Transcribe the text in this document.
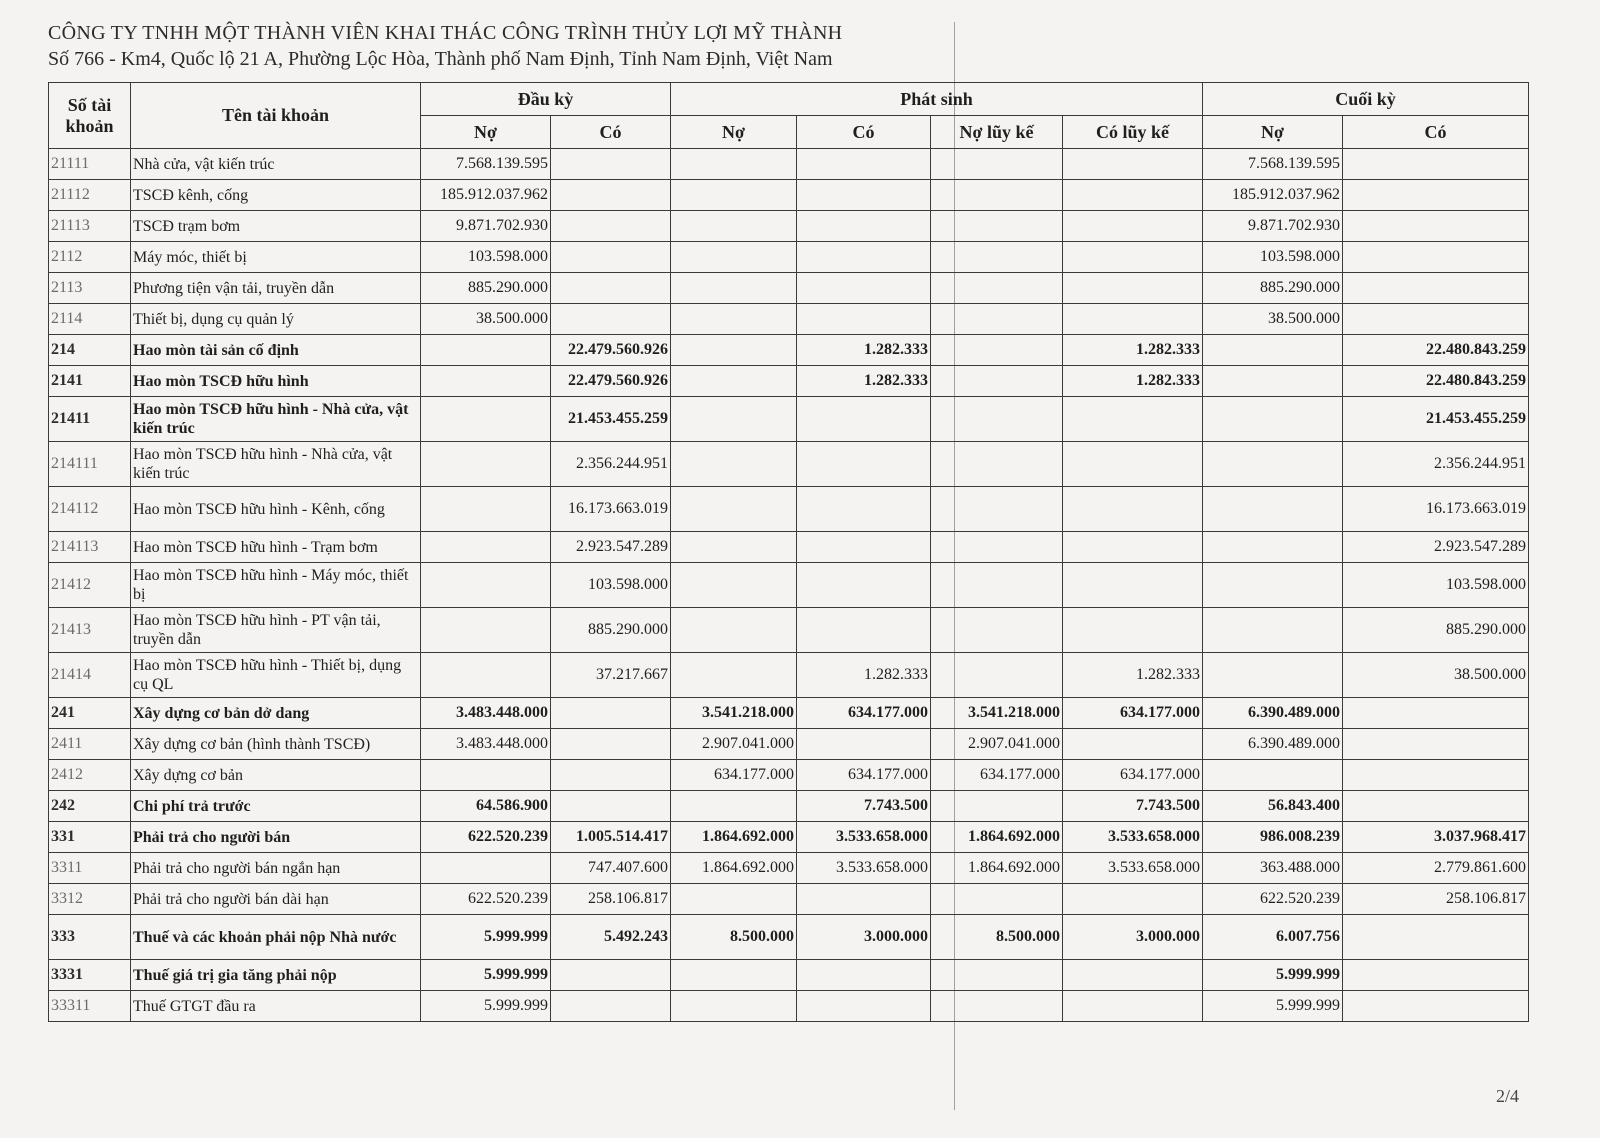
CÔNG TY TNHH MỘT THÀNH VIÊN KHAI THÁC CÔNG TRÌNH THỦY LỢI MỸ THÀNH
Số 766 - Km4, Quốc lộ 21 A, Phường Lộc Hòa, Thành phố Nam Định, Tỉnh Nam Định, Việt Nam
Số tài khoản	Tên tài khoản	Đầu kỳ		Phát sinh				Cuối kỳ	
		Nợ	Có	Nợ	Có	Nợ lũy kế	Có lũy kế	Nợ	Có
21111	Nhà cửa, vật kiến trúc	7.568.139.595						7.568.139.595	
21112	TSCĐ kênh, cống	185.912.037.962						185.912.037.962	
21113	TSCĐ trạm bơm	9.871.702.930						9.871.702.930	
2112	Máy móc, thiết bị	103.598.000						103.598.000	
2113	Phương tiện vận tải, truyền dẫn	885.290.000						885.290.000	
2114	Thiết bị, dụng cụ quản lý	38.500.000						38.500.000	
214	Hao mòn tài sản cố định		22.479.560.926		1.282.333		1.282.333		22.480.843.259
2141	Hao mòn TSCĐ hữu hình		22.479.560.926		1.282.333		1.282.333		22.480.843.259
21411	Hao mòn TSCĐ hữu hình - Nhà cửa, vật kiến trúc		21.453.455.259						21.453.455.259
214111	Hao mòn TSCĐ hữu hình - Nhà cửa, vật kiến trúc		2.356.244.951						2.356.244.951
214112	Hao mòn TSCĐ hữu hình - Kênh, cống		16.173.663.019						16.173.663.019
214113	Hao mòn TSCĐ hữu hình - Trạm bơm		2.923.547.289						2.923.547.289
21412	Hao mòn TSCĐ hữu hình - Máy móc, thiết bị		103.598.000						103.598.000
21413	Hao mòn TSCĐ hữu hình - PT vận tải, truyền dẫn		885.290.000						885.290.000
21414	Hao mòn TSCĐ hữu hình - Thiết bị, dụng cụ QL		37.217.667		1.282.333		1.282.333		38.500.000
241	Xây dựng cơ bản dở dang	3.483.448.000		3.541.218.000	634.177.000	3.541.218.000	634.177.000	6.390.489.000	
2411	Xây dựng cơ bản (hình thành TSCĐ)	3.483.448.000		2.907.041.000		2.907.041.000		6.390.489.000	
2412	Xây dựng cơ bản			634.177.000	634.177.000	634.177.000	634.177.000		
242	Chi phí trả trước	64.586.900			7.743.500		7.743.500	56.843.400	
331	Phải trả cho người bán	622.520.239	1.005.514.417	1.864.692.000	3.533.658.000	1.864.692.000	3.533.658.000	986.008.239	3.037.968.417
3311	Phải trả cho người bán ngắn hạn		747.407.600	1.864.692.000	3.533.658.000	1.864.692.000	3.533.658.000	363.488.000	2.779.861.600
3312	Phải trả cho người bán dài hạn	622.520.239	258.106.817					622.520.239	258.106.817
333	Thuế và các khoản phải nộp Nhà nước	5.999.999	5.492.243	8.500.000	3.000.000	8.500.000	3.000.000	6.007.756	
3331	Thuế giá trị gia tăng phải nộp	5.999.999						5.999.999	
33311	Thuế GTGT đầu ra	5.999.999						5.999.999	
2/4
